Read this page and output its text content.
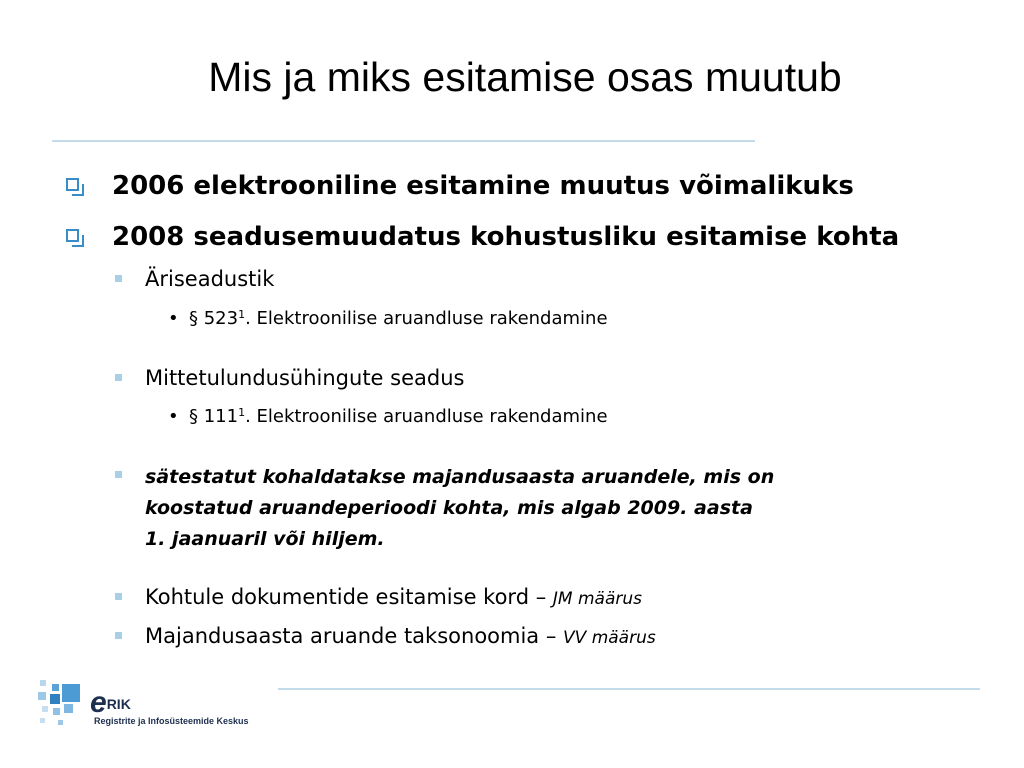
Mis ja miks esitamise osas muutub
2006 elektrooniline esitamine muutus võimalikuks
2008 seadusemuudatus kohustusliku esitamise kohta
Äriseadustik
• § $523^1$. Elektroonilise aruandluse rakendamine
Mittetulundusühingute seadus
• § $111^1$. Elektroonilise aruandluse rakendamine
sätestatut kohaldatakse majandusaasta aruandele, mis on
koostatud aruandeperioodi kohta, mis algab 2009. aasta
1. jaanuaril või hiljem.
Kohtule dokumentide esitamise kord – JM määrus
Majandusaasta aruande taksonoomia – VV määrus
eRIK
Registrite ja Infosüsteemide Keskus
